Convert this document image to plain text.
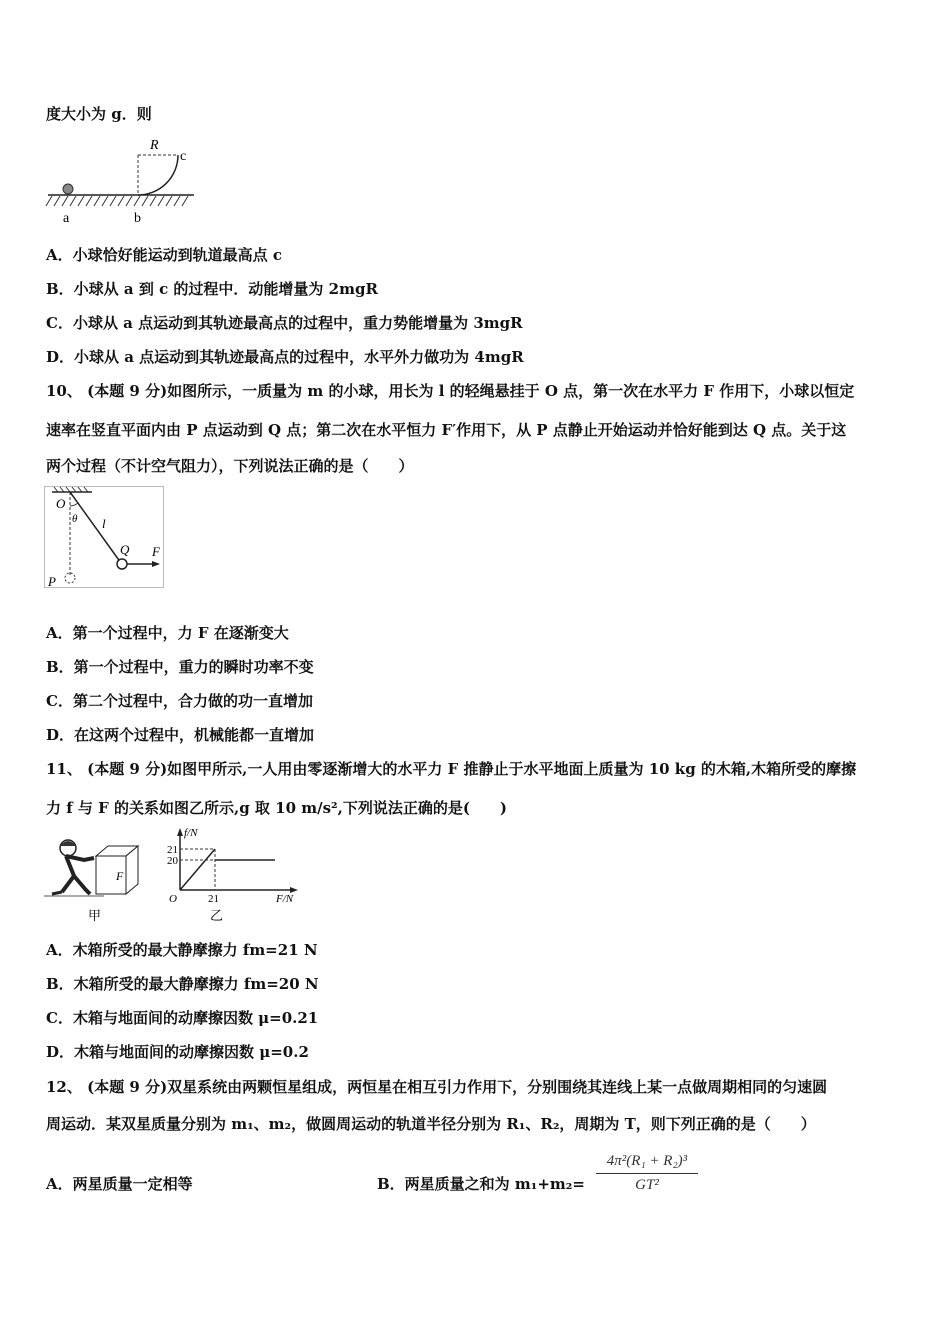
度大小为 g．则
R
c
a	b
A．小球恰好能运动到轨道最高点 c
B．小球从 a 到 c 的过程中．动能增量为 2mgR
C．小球从 a 点运动到其轨迹最高点的过程中，重力势能增量为 3mgR
D．小球从 a 点运动到其轨迹最高点的过程中，水平外力做功为 4mgR
10、 (本题 9 分)如图所示，一质量为 m 的小球，用长为 l 的轻绳悬挂于 O 点，第一次在水平力 F 作用下，小球以恒定
速率在竖直平面内由 P 点运动到 Q 点；第二次在水平恒力 F′作用下，从 P 点静止开始运动并恰好能到达 Q 点。关于这
两个过程（不计空气阻力），下列说法正确的是（　　）
O
θ l
Q F
P
A．第一个过程中，力 F 在逐渐变大
B．第一个过程中，重力的瞬时功率不变
C．第二个过程中，合力做的功一直增加
D．在这两个过程中，机械能都一直增加
11、 (本题 9 分)如图甲所示,一人用由零逐渐增大的水平力 F 推静止于水平地面上质量为 10 kg 的木箱,木箱所受的摩擦
力 f 与 F 的关系如图乙所示,g 取 10 m/s²,下列说法正确的是(　　)
F
甲
f/N
F/N
21
20
21
O
乙
A．木箱所受的最大静摩擦力 fm=21 N
B．木箱所受的最大静摩擦力 fm=20 N
C．木箱与地面间的动摩擦因数 μ=0.21
D．木箱与地面间的动摩擦因数 μ=0.2
12、 (本题 9 分)双星系统由两颗恒星组成，两恒星在相互引力作用下，分别围绕其连线上某一点做周期相同的匀速圆
周运动．某双星质量分别为 m₁、m₂，做圆周运动的轨道半径分别为 R₁、R₂，周期为 T，则下列正确的是（　　）
A．两星质量一定相等	B．两星质量之和为 m₁+m₂=
4π²(R₁ + R₂)³
GT²
